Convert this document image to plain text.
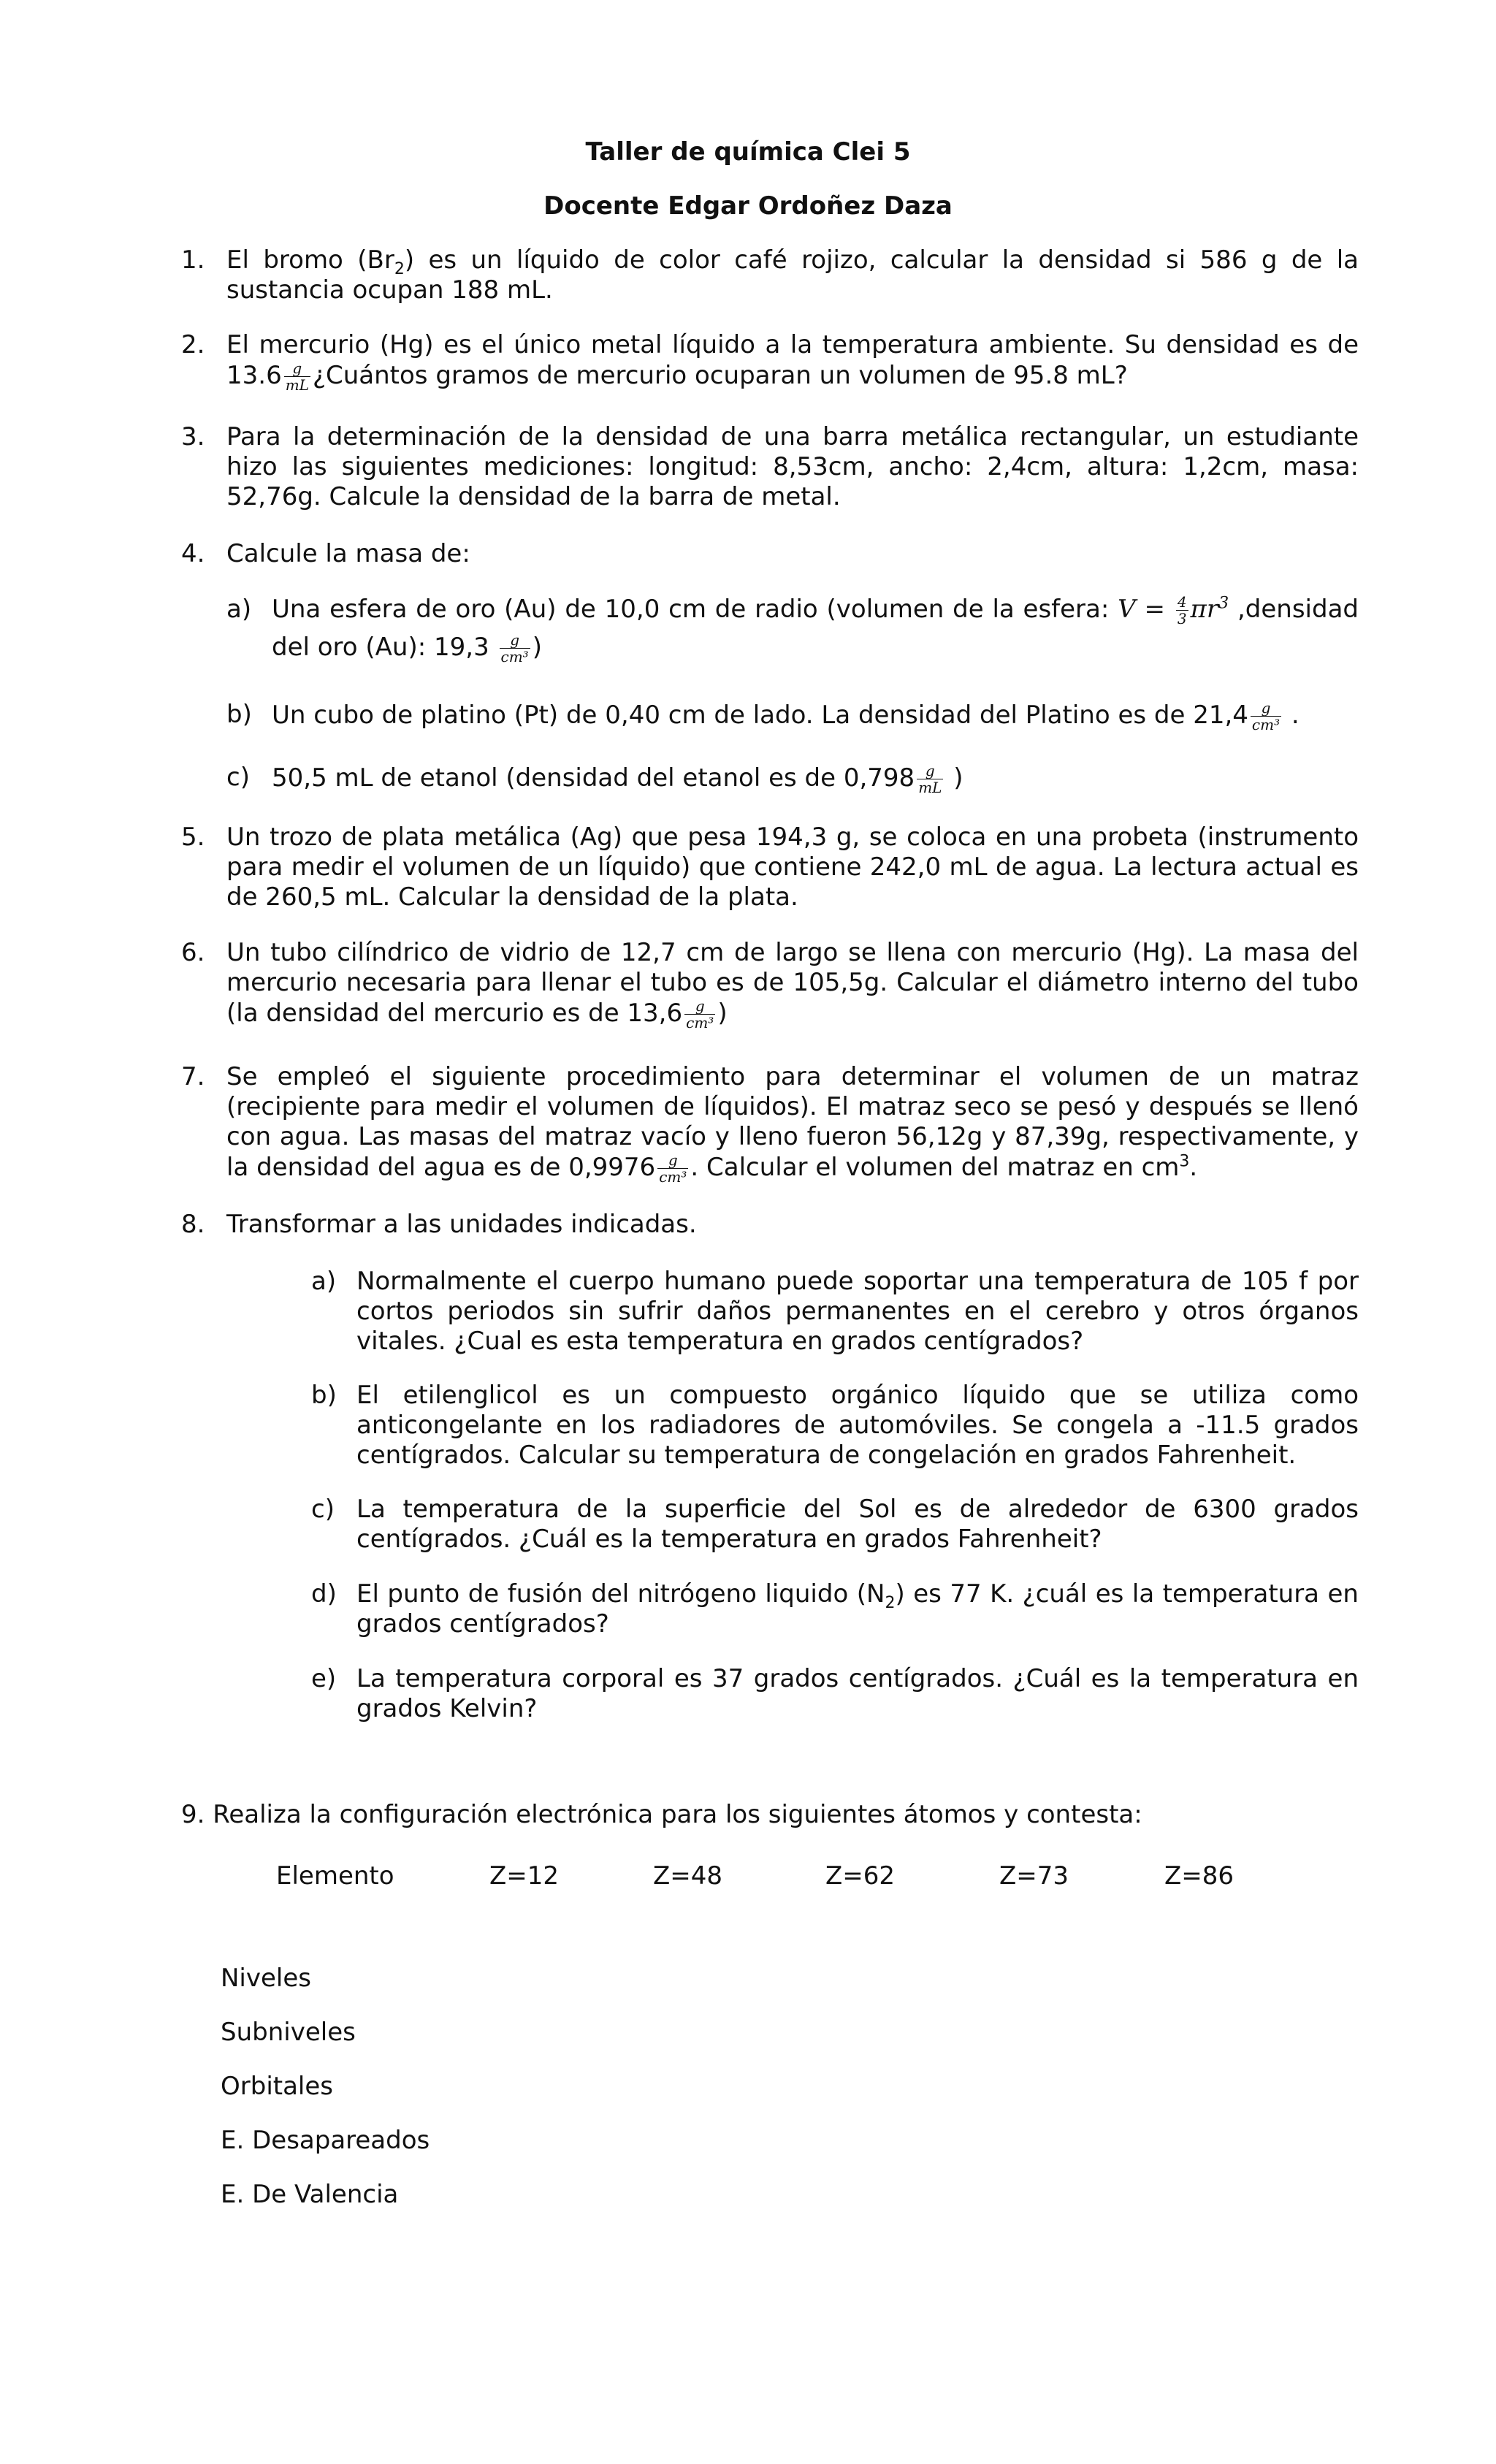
Taller de química Clei 5
Docente Edgar Ordoñez Daza
1. El bromo $(Br_2)$ es un líquido de color café rojizo, calcular la densidad si 586 g de la sustancia ocupan 188 mL.
2. El mercurio (Hg) es el único metal líquido a la temperatura ambiente. Su densidad es de $13.6 \frac{g}{mL}$ ¿Cuántos gramos de mercurio ocuparan un volumen de 95.8 mL?
3. Para la determinación de la densidad de una barra metálica rectangular, un estudiante hizo las siguientes mediciones: longitud: 8,53cm, ancho: 2,4cm, altura: 1,2cm, masa: 52,76g. Calcule la densidad de la barra de metal.
4. Calcule la masa de:
a) Una esfera de oro (Au) de 10,0 cm de radio (volumen de la esfera: $V = \frac{4}{3} \pi r^3$ ,densidad del oro (Au): $19,3 \frac{g}{\text{cm³}}$ )
b) Un cubo de platino (Pt) de 0,40 cm de lado. La densidad del Platino es de $21,4 \frac{g}{\text{cm³}}$ .
c) 50,5 mL de etanol (densidad del etanol es de $0,798 \frac{g}{mL}$ )
5. Un trozo de plata metálica (Ag) que pesa 194,3 g, se coloca en una probeta (instrumento para medir el volumen de un líquido) que contiene 242,0 mL de agua. La lectura actual es de 260,5 mL. Calcular la densidad de la plata.
6. Un tubo cilíndrico de vidrio de 12,7 cm de largo se llena con mercurio (Hg). La masa del mercurio necesaria para llenar el tubo es de 105,5g. Calcular el diámetro interno del tubo (la densidad del mercurio es de $13,6 \frac{g}{\text{cm³}}$ )
7. Se empleó el siguiente procedimiento para determinar el volumen de un matraz (recipiente para medir el volumen de líquidos). El matraz seco se pesó y después se llenó con agua. Las masas del matraz vacío y lleno fueron 56,12g y 87,39g, respectivamente, y la densidad del agua es de $0,9976 \frac{g}{\text{cm³}}$ . Calcular el volumen del matraz en $cm^3$.
8. Transformar a las unidades indicadas.
a) Normalmente el cuerpo humano puede soportar una temperatura de 105 f por cortos periodos sin sufrir daños permanentes en el cerebro y otros órganos vitales. ¿Cual es esta temperatura en grados centígrados?
b) El etilenglicol es un compuesto orgánico líquido que se utiliza como anticongelante en los radiadores de automóviles. Se congela a -11.5 grados centígrados. Calcular su temperatura de congelación en grados Fahrenheit.
c) La temperatura de la superficie del Sol es de alrededor de 6300 grados centígrados. ¿Cuál es la temperatura en grados Fahrenheit?
d) El punto de fusión del nitrógeno liquido $(N_2)$ es 77 K. ¿cuál es la temperatura en grados centígrados?
e) La temperatura corporal es 37 grados centígrados. ¿Cuál es la temperatura en grados Kelvin?
9. Realiza la configuración electrónica para los siguientes átomos y contesta:
Elemento	Z=12	Z=48	Z=62	Z=73	Z=86
Niveles
Subniveles
Orbitales
E. Desapareados
E. De Valencia
